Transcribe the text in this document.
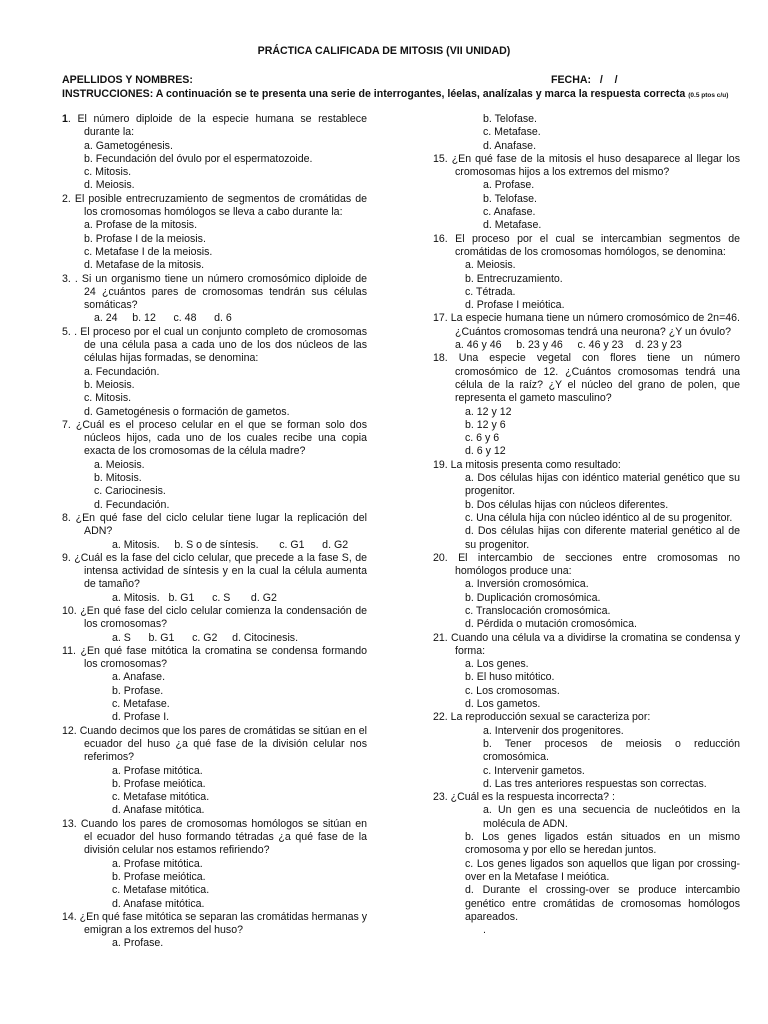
PRÁCTICA CALIFICADA DE MITOSIS (VII UNIDAD)
APELLIDOS Y NOMBRES:	FECHA:   /    /
INSTRUCCIONES: A continuación se te presenta una serie de interrogantes, léelas, analízalas y marca la respuesta correcta (0.5 ptos c/u)
1. El número diploide de la especie humana se restablece durante la:
a. Gametogénesis.
b. Fecundación del óvulo por el espermatozoide.
c. Mitosis.
d. Meiosis.
2. El posible entrecruzamiento de segmentos de cromátidas de los cromosomas homólogos se lleva a cabo durante la:
a. Profase de la mitosis.
b. Profase I de la meiosis.
c. Metafase I de la meiosis.
d. Metafase de la mitosis.
3. . Si un organismo tiene un número cromosómico diploide de 24 ¿cuántos pares de cromosomas tendrán sus células somáticas?
a. 24     b. 12      c. 48      d. 6
5. . El proceso por el cual un conjunto completo de cromosomas de una célula pasa a cada uno de los dos núcleos de las células hijas formadas, se denomina:
a. Fecundación.
b. Meiosis.
c. Mitosis.
d. Gametogénesis o formación de gametos.
7. ¿Cuál es el proceso celular en el que se forman solo dos núcleos hijos, cada uno de los cuales recibe una copia exacta de los cromosomas de la célula madre?
a. Meiosis.
b. Mitosis.
c. Cariocinesis.
d. Fecundación.
8. ¿En qué fase del ciclo celular tiene lugar la replicación del ADN?
a. Mitosis.     b. S o de síntesis.       c. G1      d. G2
9. ¿Cuál es la fase del ciclo celular, que precede a la fase S, de intensa actividad de síntesis y en la cual la célula aumenta de tamaño?
a. Mitosis.   b. G1      c. S       d. G2
10. ¿En qué fase del ciclo celular comienza la condensación de los cromosomas?
a. S      b. G1      c. G2     d. Citocinesis.
11. ¿En qué fase mitótica la cromatina se condensa formando los cromosomas?
a. Anafase.
b. Profase.
c. Metafase.
d. Profase I.
12. Cuando decimos que los pares de cromátidas se sitúan en el ecuador del huso ¿a qué fase de la división celular nos referimos?
a. Profase mitótica.
b. Profase meiótica.
c. Metafase mitótica.
d. Anafase mitótica.
13. Cuando los pares de cromosomas homólogos se sitúan en el ecuador del huso formando tétradas ¿a qué fase de la división celular nos estamos refiriendo?
a. Profase mitótica.
b. Profase meiótica.
c. Metafase mitótica.
d. Anafase mitótica.
14. ¿En qué fase mitótica se separan las cromátidas hermanas y emigran a los extremos del huso?
a. Profase.
b. Telofase.
c. Metafase.
d. Anafase.
15. ¿En qué fase de la mitosis el huso desaparece al llegar los cromosomas hijos a los extremos del mismo?
a. Profase.
b. Telofase.
c. Anafase.
d. Metafase.
16. El proceso por el cual se intercambian segmentos de cromátidas de los cromosomas homólogos, se denomina:
a. Meiosis.
b. Entrecruzamiento.
c. Tétrada.
d. Profase I meiótica.
17. La especie humana tiene un número cromosómico de 2n=46. ¿Cuántos cromosomas tendrá una neurona? ¿Y un óvulo?
a. 46 y 46     b. 23 y 46     c. 46 y 23    d. 23 y 23
18. Una especie vegetal con flores tiene un número cromosómico de 12. ¿Cuántos cromosomas tendrá una célula de la raíz? ¿Y el núcleo del grano de polen, que representa el gameto masculino?
a. 12 y 12
b. 12 y 6
c. 6 y 6
d. 6 y 12
19. La mitosis presenta como resultado:
a. Dos células hijas con idéntico material genético que su progenitor.
b. Dos células hijas con núcleos diferentes.
c. Una célula hija con núcleo idéntico al de su progenitor.
d. Dos células hijas con diferente material genético al de su progenitor.
20. El intercambio de secciones entre cromosomas no homólogos produce una:
a. Inversión cromosómica.
b. Duplicación cromosómica.
c. Translocación cromosómica.
d. Pérdida o mutación cromosómica.
21. Cuando una célula va a dividirse la cromatina se condensa y forma:
a. Los genes.
b. El huso mitótico.
c. Los cromosomas.
d. Los gametos.
22. La reproducción sexual se caracteriza por:
a. Intervenir dos progenitores.
b.    Tener    procesos    de    meiosis    o    reducción cromosómica.
c. Intervenir gametos.
d. Las tres anteriores respuestas son correctas.
23. ¿Cuál es la respuesta incorrecta? :
a. Un gen es una secuencia de nucleótidos en la molécula de ADN.
b. Los genes ligados están situados en un mismo cromosoma y por ello se heredan juntos.
c. Los genes ligados son aquellos que ligan por crossing-over en la Metafase I meiótica.
d. Durante el crossing-over se produce intercambio genético entre cromátidas de cromosomas homólogos apareados.
.
